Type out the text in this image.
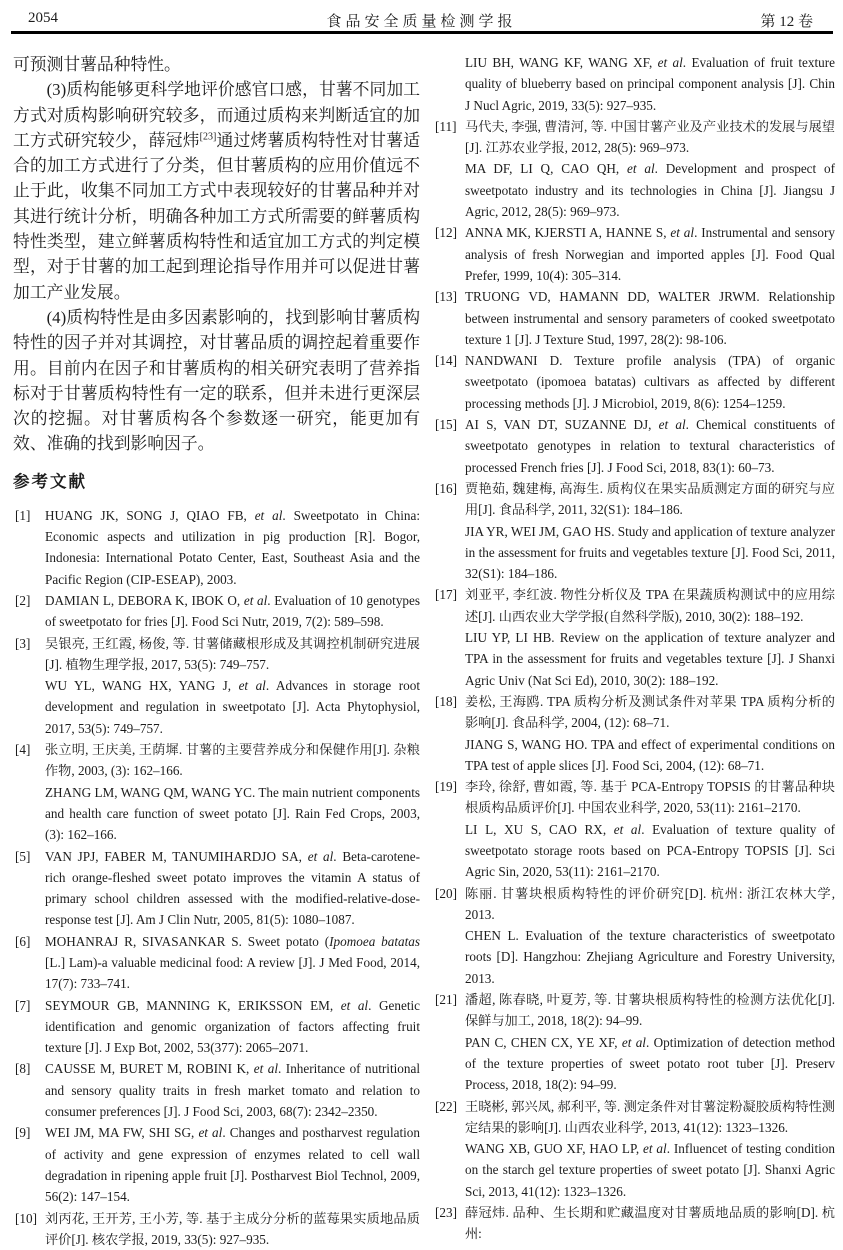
2054	食品安全质量检测学报	第 12 卷

可预测甘薯品种特性。

(3)质构能够更科学地评价感官口感，甘薯不同加工方式对质构影响研究较多，而通过质构来判断适宜的加工方式研究较少，薛冠炜[23]通过烤薯质构特性对甘薯适合的加工方式进行了分类，但甘薯质构的应用价值远不止于此，收集不同加工方式中表现较好的甘薯品种并对其进行统计分析，明确各种加工方式所需要的鲜薯质构特性类型，建立鲜薯质构特性和适宜加工方式的判定模型，对于甘薯的加工起到理论指导作用并可以促进甘薯加工产业发展。

(4)质构特性是由多因素影响的，找到影响甘薯质构特性的因子并对其调控，对甘薯品质的调控起着重要作用。目前内在因子和甘薯质构的相关研究表明了营养指标对于甘薯质构特性有一定的联系，但并未进行更深层次的挖掘。对甘薯质构各个参数逐一研究，能更加有效、准确的找到影响因子。

参考文献
[1] HUANG JK, SONG J, QIAO FB, et al. Sweetpotato in China: Economic aspects and utilization in pig production [R]. Bogor, Indonesia: International Potato Center, East, Southeast Asia and the Pacific Region (CIP-ESEAP), 2003.
[2] DAMIAN L, DEBORA K, IBOK O, et al. Evaluation of 10 genotypes of sweetpotato for fries [J]. Food Sci Nutr, 2019, 7(2): 589–598.
[3] 吴银亮, 王红霞, 杨俊, 等. 甘薯储藏根形成及其调控机制研究进展[J]. 植物生理学报, 2017, 53(5): 749–757.
WU YL, WANG HX, YANG J, et al. Advances in storage root development and regulation in sweetpotato [J]. Acta Phytophysiol, 2017, 53(5): 749–757.
[4] 张立明, 王庆美, 王荫墀. 甘薯的主要营养成分和保健作用[J]. 杂粮作物, 2003, (3): 162–166.
ZHANG LM, WANG QM, WANG YC. The main nutrient components and health care function of sweet potato [J]. Rain Fed Crops, 2003, (3): 162–166.
[5] VAN JPJ, FABER M, TANUMIHARDJO SA, et al. Beta-carotene-rich orange-fleshed sweet potato improves the vitamin A status of primary school children assessed with the modified-relative-dose-response test [J]. Am J Clin Nutr, 2005, 81(5): 1080–1087.
[6] MOHANRAJ R, SIVASANKAR S. Sweet potato (Ipomoea batatas [L.] Lam)-a valuable medicinal food: A review [J]. J Med Food, 2014, 17(7): 733–741.
[7] SEYMOUR GB, MANNING K, ERIKSSON EM, et al. Genetic identification and genomic organization of factors affecting fruit texture [J]. J Exp Bot, 2002, 53(377): 2065–2071.
[8] CAUSSE M, BURET M, ROBINI K, et al. Inheritance of nutritional and sensory quality traits in fresh market tomato and relation to consumer preferences [J]. J Food Sci, 2003, 68(7): 2342–2350.
[9] WEI JM, MA FW, SHI SG, et al. Changes and postharvest regulation of activity and gene expression of enzymes related to cell wall degradation in ripening apple fruit [J]. Postharvest Biol Technol, 2009, 56(2): 147–154.
[10] 刘丙花, 王开芳, 王小芳, 等. 基于主成分分析的蓝莓果实质地品质评价[J]. 核农学报, 2019, 33(5): 927–935.
LIU BH, WANG KF, WANG XF, et al. Evaluation of fruit texture quality of blueberry based on principal component analysis [J]. Chin J Nucl Agric, 2019, 33(5): 927–935.
[11] 马代夫, 李强, 曹清河, 等. 中国甘薯产业及产业技术的发展与展望[J]. 江苏农业学报, 2012, 28(5): 969–973.
MA DF, LI Q, CAO QH, et al. Development and prospect of sweetpotato industry and its technologies in China [J]. Jiangsu J Agric, 2012, 28(5): 969–973.
[12] ANNA MK, KJERSTI A, HANNE S, et al. Instrumental and sensory analysis of fresh Norwegian and imported apples [J]. Food Qual Prefer, 1999, 10(4): 305–314.
[13] TRUONG VD, HAMANN DD, WALTER JRWM. Relationship between instrumental and sensory parameters of cooked sweetpotato texture 1 [J]. J Texture Stud, 1997, 28(2): 98-106.
[14] NANDWANI D. Texture profile analysis (TPA) of organic sweetpotato (ipomoea batatas) cultivars as affected by different processing methods [J]. J Microbiol, 2019, 8(6): 1254–1259.
[15] AI S, VAN DT, SUZANNE DJ, et al. Chemical constituents of sweetpotato genotypes in relation to textural characteristics of processed French fries [J]. J Food Sci, 2018, 83(1): 60–73.
[16] 贾艳茹, 魏建梅, 高海生. 质构仪在果实品质测定方面的研究与应用[J]. 食品科学, 2011, 32(S1): 184–186.
JIA YR, WEI JM, GAO HS. Study and application of texture analyzer in the assessment for fruits and vegetables texture [J]. Food Sci, 2011, 32(S1): 184–186.
[17] 刘亚平, 李红波. 物性分析仪及 TPA 在果蔬质构测试中的应用综述[J]. 山西农业大学学报(自然科学版), 2010, 30(2): 188–192.
LIU YP, LI HB. Review on the application of texture analyzer and TPA in the assessment for fruits and vegetables texture [J]. J Shanxi Agric Univ (Nat Sci Ed), 2010, 30(2): 188–192.
[18] 姜松, 王海鸥. TPA 质构分析及测试条件对苹果 TPA 质构分析的影响[J]. 食品科学, 2004, (12): 68–71.
JIANG S, WANG HO. TPA and effect of experimental conditions on TPA test of apple slices [J]. Food Sci, 2004, (12): 68–71.
[19] 李玲, 徐舒, 曹如霞, 等. 基于 PCA-Entropy TOPSIS 的甘薯品种块根质构品质评价[J]. 中国农业科学, 2020, 53(11): 2161–2170.
LI L, XU S, CAO RX, et al. Evaluation of texture quality of sweetpotato storage roots based on PCA-Entropy TOPSIS [J]. Sci Agric Sin, 2020, 53(11): 2161–2170.
[20] 陈丽. 甘薯块根质构特性的评价研究[D]. 杭州: 浙江农林大学, 2013.
CHEN L. Evaluation of the texture characteristics of sweetpotato roots [D]. Hangzhou: Zhejiang Agriculture and Forestry University, 2013.
[21] 潘超, 陈春晓, 叶夏芳, 等. 甘薯块根质构特性的检测方法优化[J]. 保鲜与加工, 2018, 18(2): 94–99.
PAN C, CHEN CX, YE XF, et al. Optimization of detection method of the texture properties of sweet potato root tuber [J]. Preserv Process, 2018, 18(2): 94–99.
[22] 王晓彬, 郭兴凤, 郝利平, 等. 测定条件对甘薯淀粉凝胶质构特性测定结果的影响[J]. 山西农业科学, 2013, 41(12): 1323–1326.
WANG XB, GUO XF, HAO LP, et al. Influencet of testing condition on the starch gel texture properties of sweet potato [J]. Shanxi Agric Sci, 2013, 41(12): 1323–1326.
[23] 薛冠炜. 品种、生长期和贮藏温度对甘薯质地品质的影响[D]. 杭州:
